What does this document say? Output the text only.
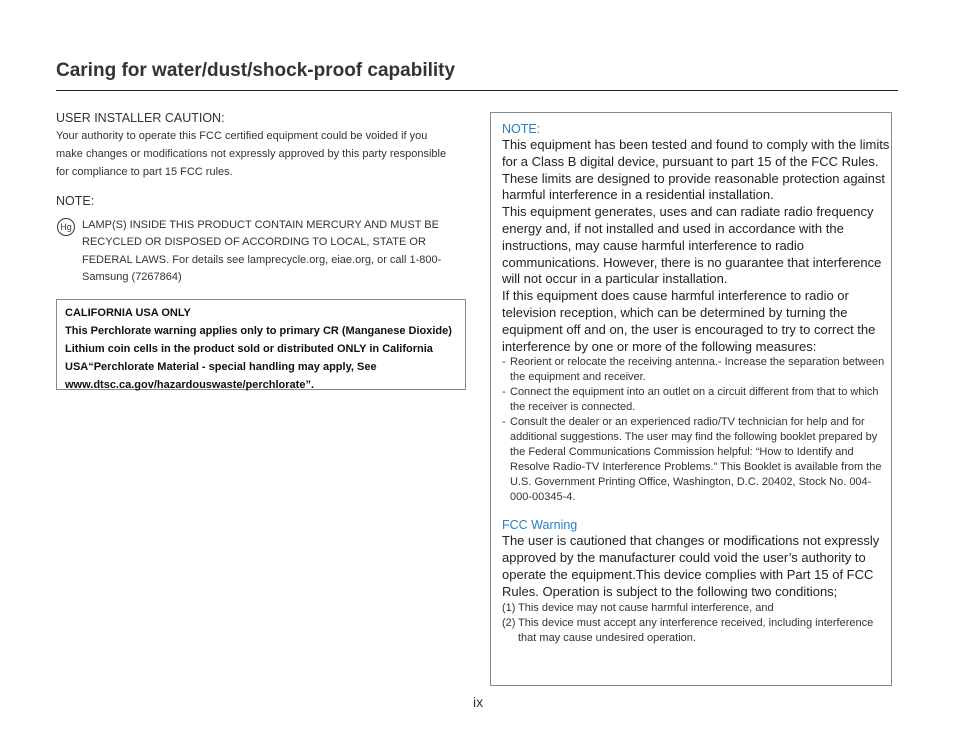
Caring for water/dust/shock-proof capability
USER INSTALLER CAUTION:
Your authority to operate this FCC certified equipment could be voided if you make changes or modifications not expressly approved by this party responsible for compliance to part 15 FCC rules.
NOTE:
Hg LAMP(S) INSIDE THIS PRODUCT CONTAIN MERCURY AND MUST BE RECYCLED OR DISPOSED OF ACCORDING TO LOCAL, STATE OR FEDERAL LAWS. For details see lamprecycle.org, eiae.org, or call 1-800-Samsung (7267864)
CALIFORNIA USA ONLY
This Perchlorate warning applies only to primary CR (Manganese Dioxide) Lithium coin cells in the product sold or distributed ONLY in California USA“Perchlorate Material - special handling may apply, See www.dtsc.ca.gov/hazardouswaste/perchlorate”.
NOTE:

This equipment has been tested and found to comply with the limits for a Class B digital device, pursuant to part 15 of the FCC Rules.

These limits are designed to provide reasonable protection against harmful interference in a residential installation.

This equipment generates, uses and can radiate radio frequency energy and, if not installed and used in accordance with the instructions, may cause harmful interference to radio communications. However, there is no guarantee that interference will not occur in a particular installation.

If this equipment does cause harmful interference to radio or television reception, which can be determined by turning the equipment off and on, the user is encouraged to try to correct the interference by one or more of the following measures:

- Reorient or relocate the receiving antenna.- Increase the separation between the equipment and receiver.
- Connect the equipment into an outlet on a circuit different from that to which the receiver is connected.
- Consult the dealer or an experienced radio/TV technician for help and for additional suggestions. The user may find the following booklet prepared by the Federal Communications Commission helpful: “How to Identify and Resolve Radio-TV Interference Problems.” This Booklet is available from the U.S. Government Printing Office, Washington, D.C. 20402, Stock No. 004-000-00345-4.
FCC Warning

The user is cautioned that changes or modifications not expressly approved by the manufacturer could void the user’s authority to operate the equipment.This device complies with Part 15 of FCC Rules. Operation is subject to the following two conditions;

(1) This device may not cause harmful interference, and
(2) This device must accept any interference received, including interference that may cause undesired operation.
ix
